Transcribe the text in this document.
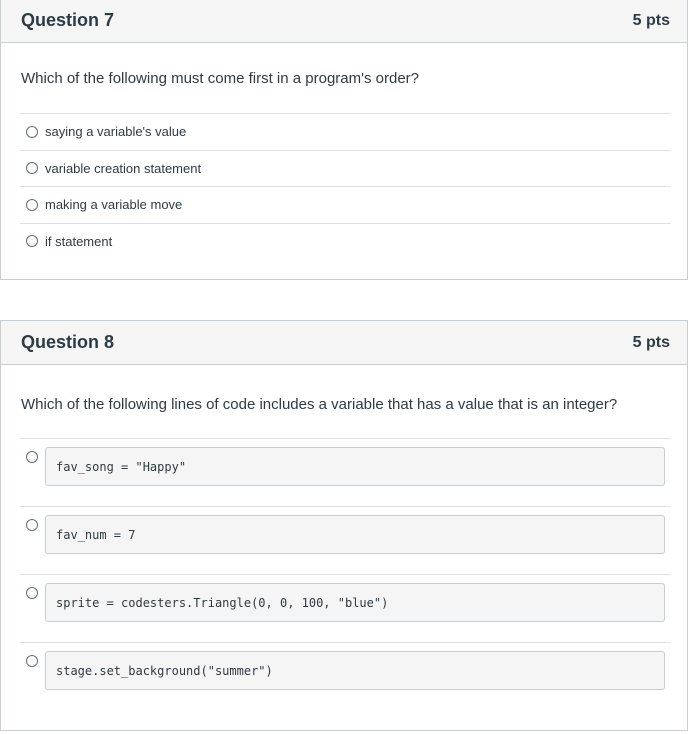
Question 7	5 pts
Which of the following must come first in a program's order?
saying a variable's value
variable creation statement
making a variable move
if statement
Question 8	5 pts
Which of the following lines of code includes a variable that has a value that is an integer?
fav_song = "Happy"
fav_num = 7
sprite = codesters.Triangle(0, 0, 100, "blue")
stage.set_background("summer")
